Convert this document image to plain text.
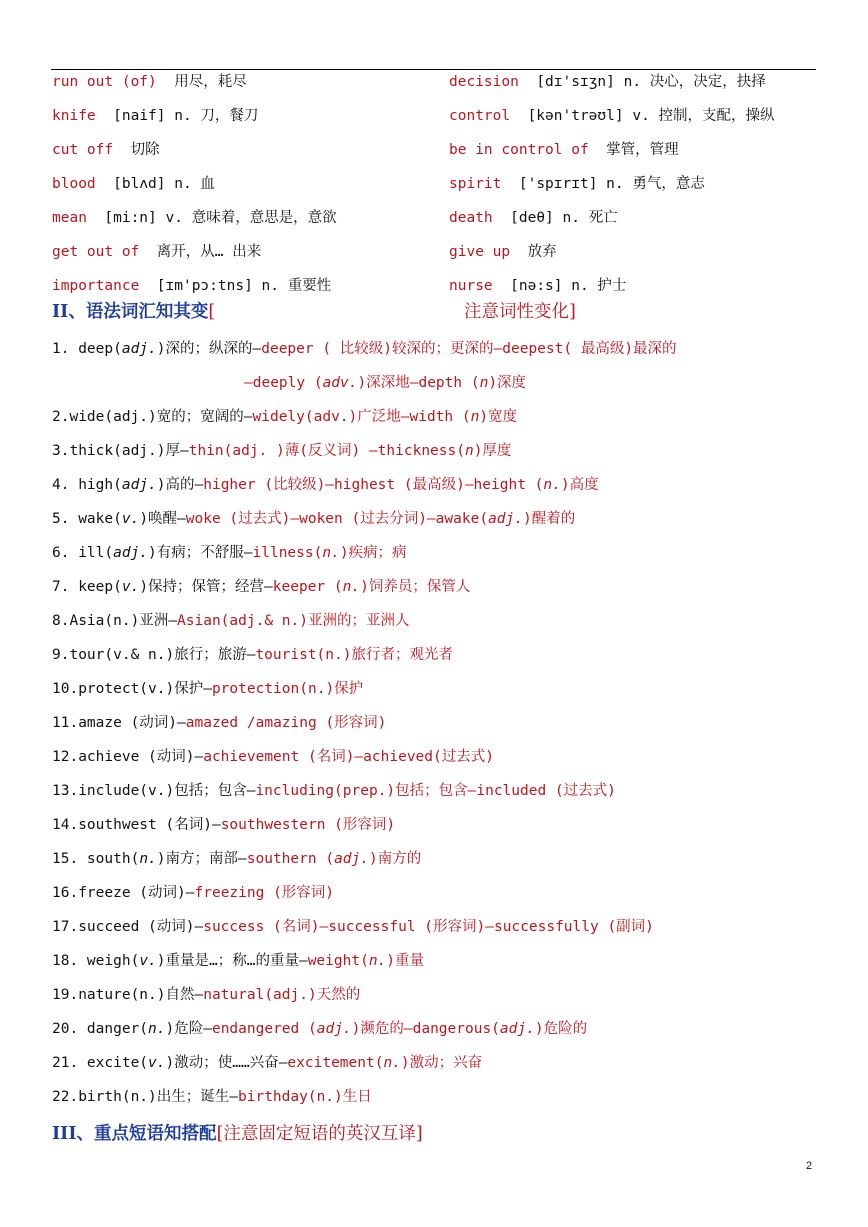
run out (of) 用尽，耗尽
knife [naif] n. 刀，餐刀
cut off 切除
blood [blʌd] n. 血
mean [mi:n] v. 意味着，意思是，意欲
get out of 离开，从… 出来
importance [ɪm'pɔ:tns] n. 重要性
decision [dɪ'sɪʒn] n. 决心，决定，抉择
control [kən'trəʊl] v. 控制，支配，操纵
be in control of 掌管，管理
spirit ['spɪrɪt] n. 勇气，意志
death [deθ] n. 死亡
give up 放弃
nurse [nə:s] n. 护士
II、语法词汇知其变[	注意词性变化]
1. deep(adj.)深的；纵深的—deeper ( 比较级)较深的；更深的—deepest( 最高级)最深的
—deeply (adv.)深深地—depth (n)深度
2.wide(adj.)宽的；宽阔的—widely(adv.)广泛地—width (n)宽度
3.thick(adj.)厚—thin(adj. )薄(反义词) —thickness(n)厚度
4. high(adj.)高的—higher (比较级)—highest (最高级)—height (n.)高度
5. wake(v.)唤醒—woke (过去式)—woken (过去分词)—awake(adj.)醒着的
6. ill(adj.)有病；不舒服—illness(n.)疾病；病
7. keep(v.)保持；保管；经营—keeper (n.)饲养员；保管人
8.Asia(n.)亚洲—Asian(adj.& n.)亚洲的；亚洲人
9.tour(v.& n.)旅行；旅游—tourist(n.)旅行者；观光者
10.protect(v.)保护—protection(n.)保护
11.amaze (动词)—amazed /amazing (形容词)
12.achieve (动词)—achievement (名词)—achieved(过去式)
13.include(v.)包括；包含—including(prep.)包括；包含—included (过去式)
14.southwest (名词)—southwestern (形容词)
15. south(n.)南方；南部—southern (adj.)南方的
16.freeze (动词)—freezing (形容词)
17.succeed (动词)—success (名词)—successful (形容词)—successfully (副词)
18. weigh(v.)重量是…；称…的重量—weight(n.)重量
19.nature(n.)自然—natural(adj.)天然的
20. danger(n.)危险—endangered (adj.)濒危的—dangerous(adj.)危险的
21. excite(v.)激动；使……兴奋—excitement(n.)激动；兴奋
22.birth(n.)出生；诞生—birthday(n.)生日
III、重点短语知搭配[注意固定短语的英汉互译]
2
